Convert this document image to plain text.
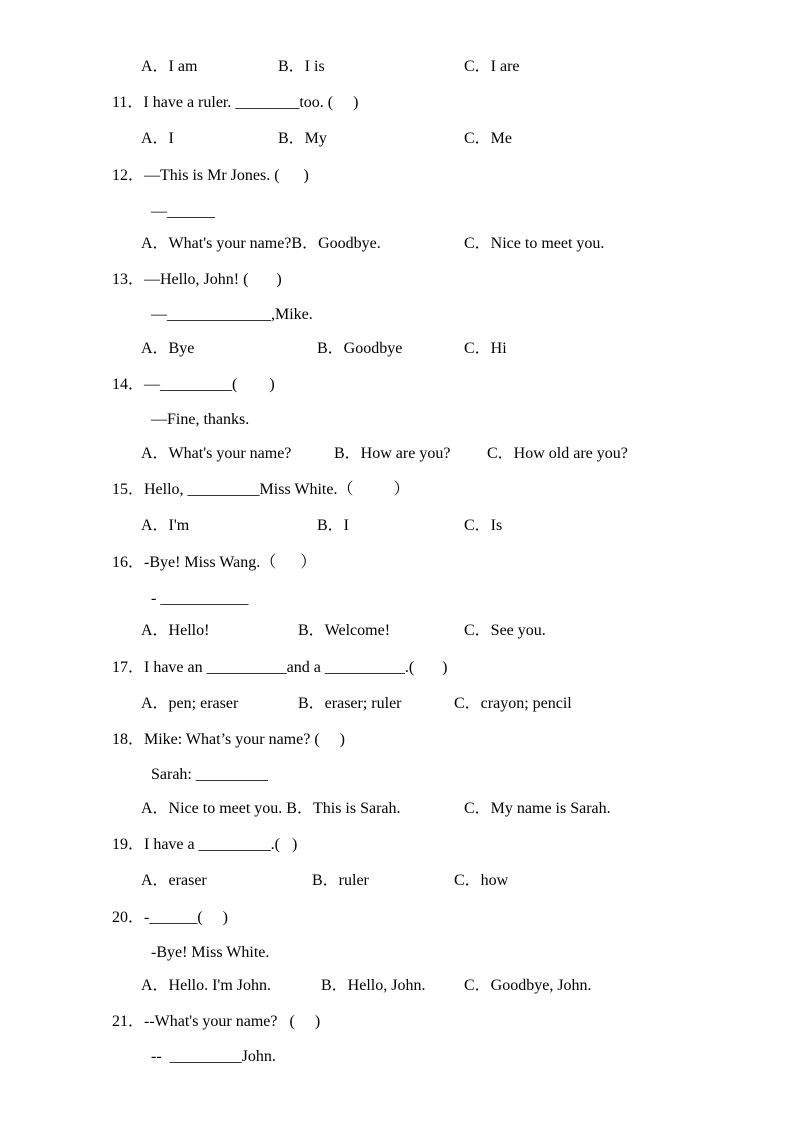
A．I am	B．I is	C．I are
11．I have a ruler. ________too. (     )
A．I	B．My	C．Me
12．—This is Mr Jones. (      )
—______
A．What's your name?B．Goodbye.	C．Nice to meet you.
13．—Hello, John! (       )
—_____________,Mike.
A．Bye	B．Goodbye	C．Hi
14．—_________(        )
—Fine, thanks.
A．What's your name?	B．How are you? C．How old are you?
15．Hello, _________Miss White.（          ）
A．I'm	B．I	C．Is
16．-Bye! Miss Wang.（      ）
- ___________
A．Hello!	B．Welcome!	C．See you.
17．I have an __________and a __________.(       )
A．pen; eraser	B．eraser; ruler	C．crayon; pencil
18．Mike: What’s your name? (     )
Sarah: _________
A．Nice to meet you. B．This is Sarah.	C．My name is Sarah.
19．I have a _________.(   )
A．eraser	B．ruler	C．how
20．-______(     )
-Bye! Miss White.
A．Hello. I'm John.	B．Hello, John. C．Goodbye, John.
21．--What's your name?   (     )
--  _________John.
